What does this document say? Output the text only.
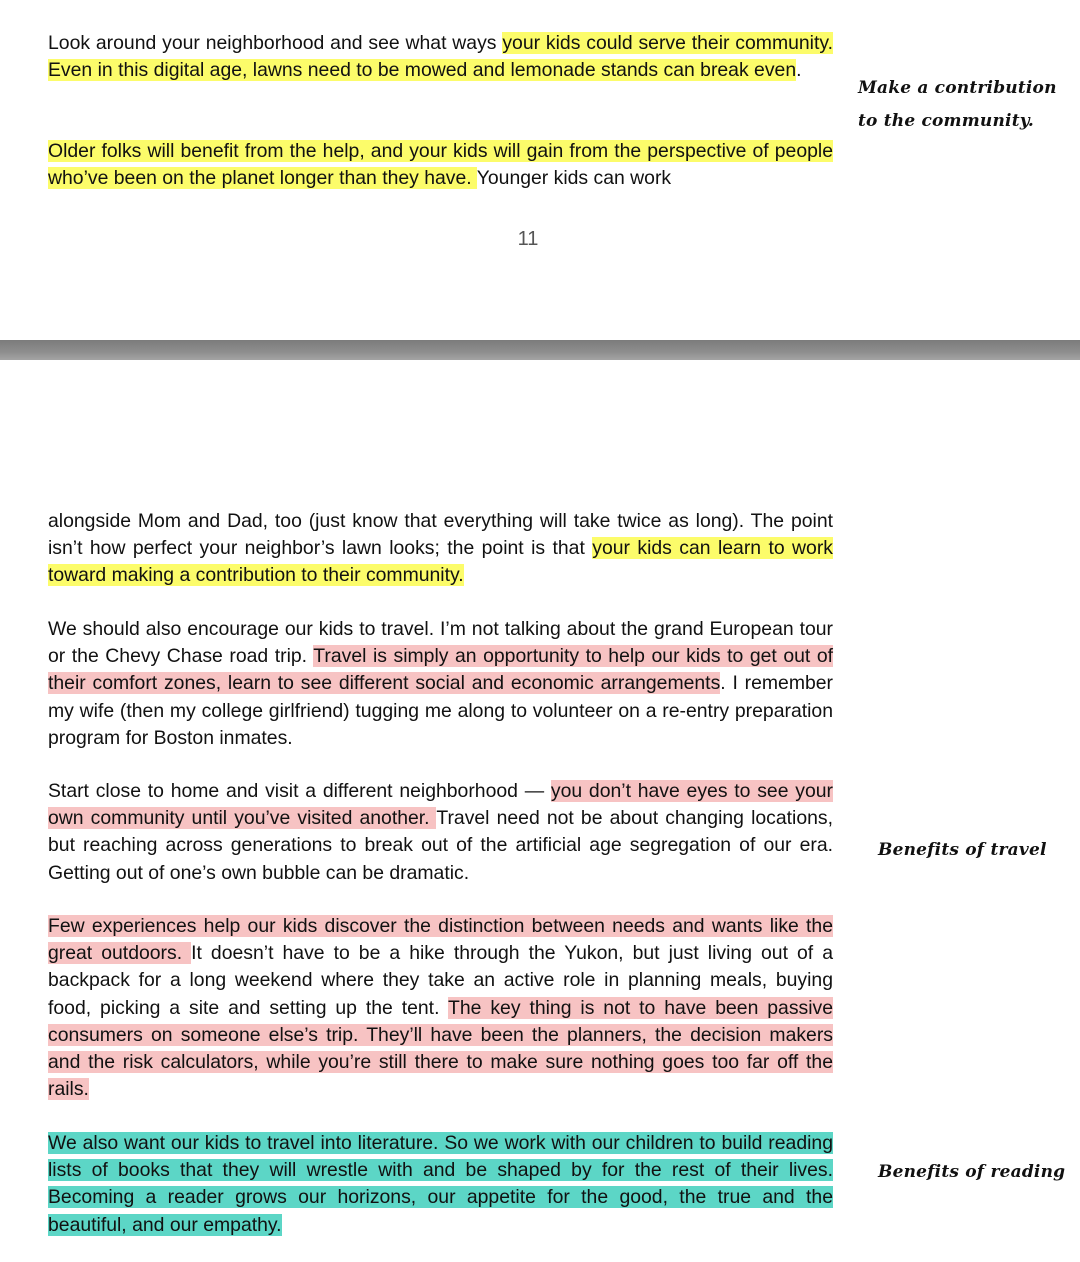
Look around your neighborhood and see what ways your kids could serve their community. Even in this digital age, lawns need to be mowed and lemonade stands can break even.

Older folks will benefit from the help, and your kids will gain from the perspective of people who’ve been on the planet longer than they have. Younger kids can work

11

Make a contribution to the community.

alongside Mom and Dad, too (just know that everything will take twice as long). The point isn’t how perfect your neighbor’s lawn looks; the point is that your kids can learn to work toward making a contribution to their community.

We should also encourage our kids to travel. I’m not talking about the grand European tour or the Chevy Chase road trip. Travel is simply an opportunity to help our kids to get out of their comfort zones, learn to see different social and economic arrangements. I remember my wife (then my college girlfriend) tugging me along to volunteer on a re-entry preparation program for Boston inmates.

Start close to home and visit a different neighborhood — you don’t have eyes to see your own community until you’ve visited another. Travel need not be about changing locations, but reaching across generations to break out of the artificial age segregation of our era. Getting out of one’s own bubble can be dramatic.

Few experiences help our kids discover the distinction between needs and wants like the great outdoors. It doesn’t have to be a hike through the Yukon, but just living out of a backpack for a long weekend where they take an active role in planning meals, buying food, picking a site and setting up the tent. The key thing is not to have been passive consumers on someone else’s trip. They’ll have been the planners, the decision makers and the risk calculators, while you’re still there to make sure nothing goes too far off the rails.

We also want our kids to travel into literature. So we work with our children to build reading lists of books that they will wrestle with and be shaped by for the rest of their lives. Becoming a reader grows our horizons, our appetite for the good, the true and the beautiful, and our empathy.

Benefits of travel

Benefits of reading
